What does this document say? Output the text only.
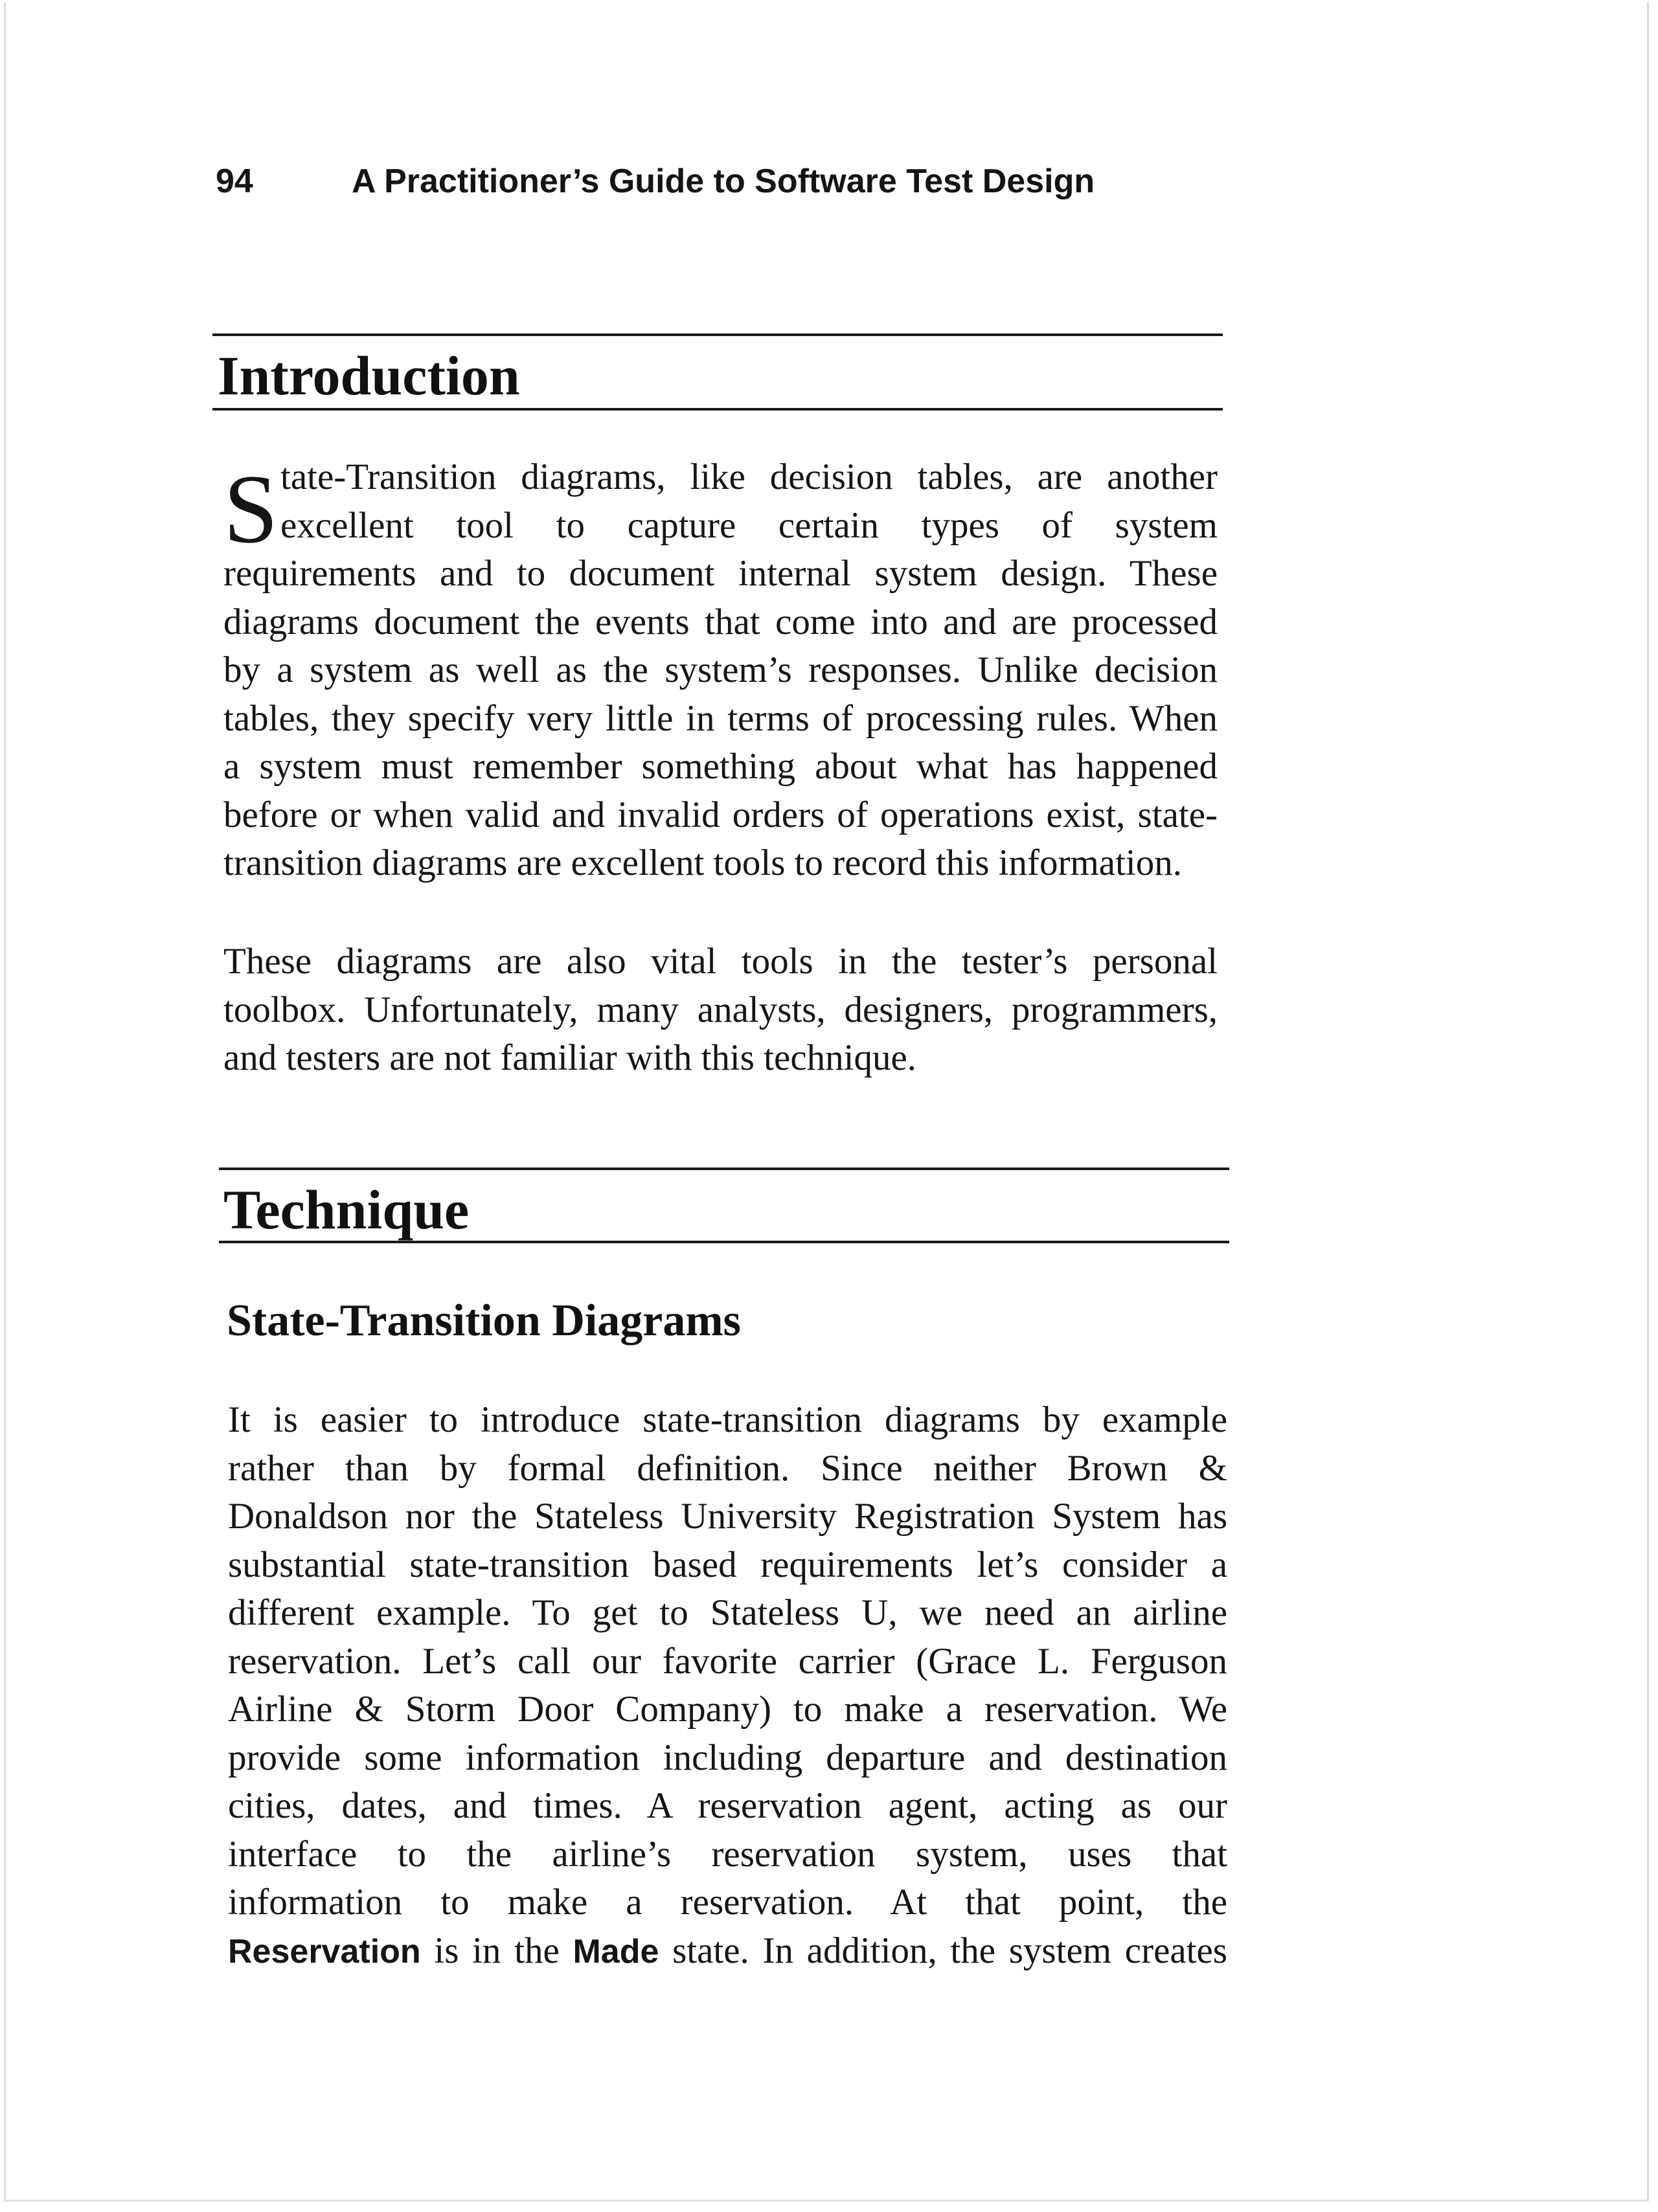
94	A Practitioner’s Guide to Software Test Design
Introduction
S tate-Transition diagrams, like decision tables, are another
excellent tool to capture certain types of system
requirements and to document internal system design. These
diagrams document the events that come into and are processed
by a system as well as the system’s responses. Unlike decision
tables, they specify very little in terms of processing rules. When
a system must remember something about what has happened
before or when valid and invalid orders of operations exist, state-
transition diagrams are excellent tools to record this information.
These diagrams are also vital tools in the tester’s personal
toolbox. Unfortunately, many analysts, designers, programmers,
and testers are not familiar with this technique.
Technique
State-Transition Diagrams
It is easier to introduce state-transition diagrams by example
rather than by formal definition. Since neither Brown &
Donaldson nor the Stateless University Registration System has
substantial state-transition based requirements let’s consider a
different example. To get to Stateless U, we need an airline
reservation. Let’s call our favorite carrier (Grace L. Ferguson
Airline & Storm Door Company) to make a reservation. We
provide some information including departure and destination
cities, dates, and times. A reservation agent, acting as our
interface to the airline’s reservation system, uses that
information to make a reservation. At that point, the
Reservation is in the Made state. In addition, the system creates
